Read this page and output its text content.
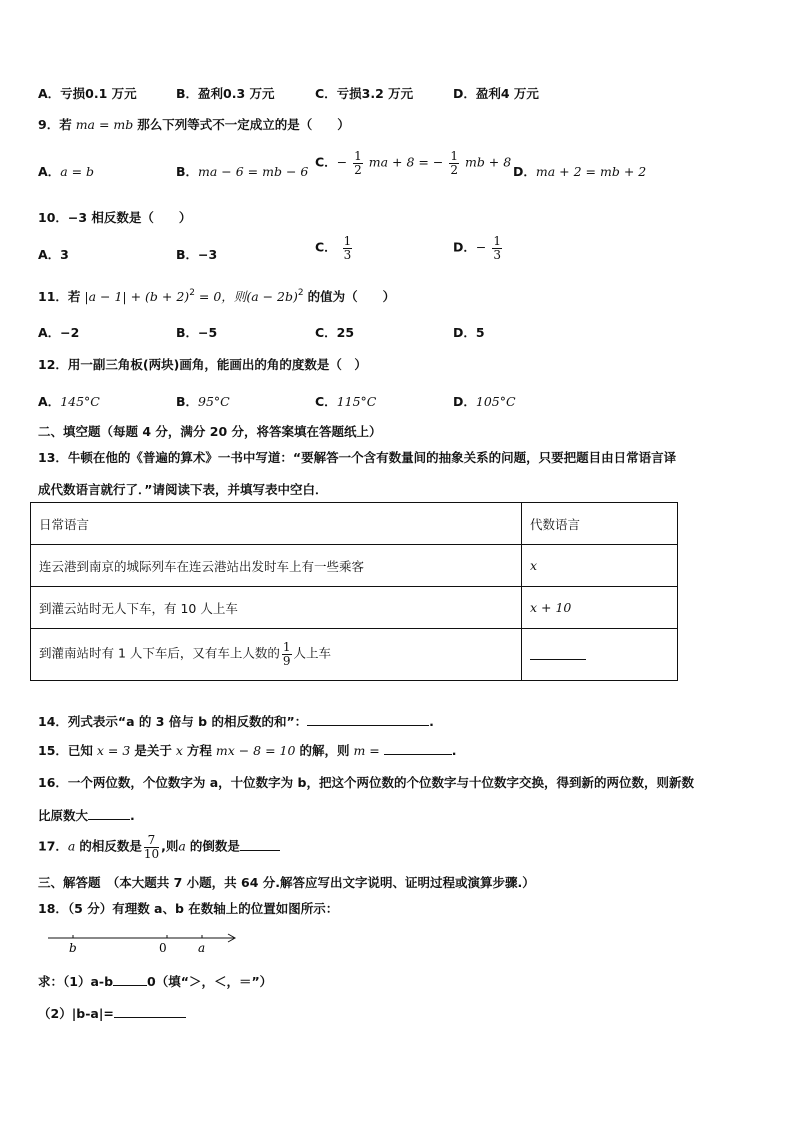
A．亏损0.1 万元	B．盈利0.3 万元	C．亏损3.2 万元	D．盈利4 万元
9．若 ma = mb 那么下列等式不一定成立的是（　　）
A．a = b	B．ma − 6 = mb − 6
C．− $\frac{1}{2}$ ma + 8 = − $\frac{1}{2}$ mb + 8
D．ma + 2 = mb + 2
10．−3 相反数是（　　）
A．3	B．−3	C． $\frac{1}{3}$	D．− $\frac{1}{3}$
11．若 $|a - 1| + (b + 2)^2 = 0$，则$(a - 2b)^2$ 的值为（　　）
A．−2	B．−5	C．25	D．5
12．用一副三角板(两块)画角，能画出的角的度数是（　）
A．145°C	B．95°C	C．115°C	D．105°C
二、填空题（每题 4 分，满分 20 分，将答案填在答题纸上）
13．牛顿在他的《普遍的算术》一书中写道：“要解答一个含有数量间的抽象关系的问题，只要把题目由日常语言译
成代数语言就行了．”请阅读下表，并填写表中空白．
日常语言	代数语言
连云港到南京的城际列车在连云港站出发时车上有一些乘客	x
到灌云站时无人下车，有 10 人上车	x + 10
到灌南站时有 1 人下车后，又有车上人数的 $\frac{1}{9}$ 人上车	
14．列式表示“a 的 3 倍与 b 的相反数的和”：	.
15．已知 x = 3 是关于 x 方程 mx − 8 = 10 的解，则 m =	.
16．一个两位数，个位数字为 a，十位数字为 b，把这个两位数的个位数字与十位数字交换，得到新的两位数，则新数
比原数大	.
17．a 的相反数是 $\frac{7}{10}$ ,则a 的倒数是
三、解答题　（本大题共 7 小题，共 64 分.解答应写出文字说明、证明过程或演算步骤.）
18．（5 分）有理数 a、b 在数轴上的位置如图所示：
b	0	a
求：（1）a-b	0（填“＞，＜，＝”）
（2）|b-a|=
